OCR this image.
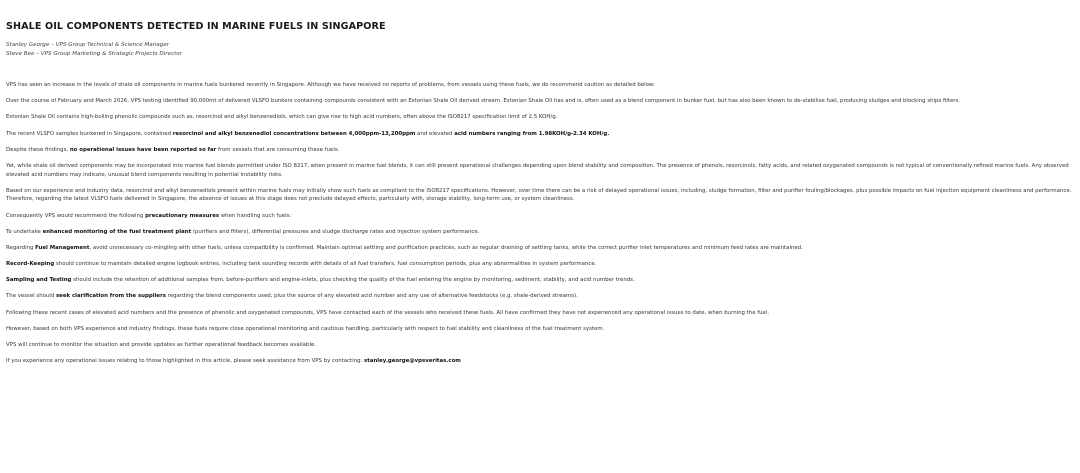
SHALE OIL COMPONENTS DETECTED IN MARINE FUELS IN SINGAPORE

Stanley George – VPS Group Technical & Science Manager

Steve Bee – VPS Group Marketing & Strategic Projects Director

VPS has seen an increase in the levels of shale oil components in marine fuels bunkered recently in Singapore. Although we have received no reports of problems, from vessels using these fuels, we do recommend caution as detailed below:

Over the course of February and March 2026, VPS testing identified 90,000mt of delivered VLSFO bunkers containing compounds consistent with an Estonian Shale Oil derived stream. Estonian Shale Oil has and is, often used as a blend component in bunker fuel, but has also been known to de-stabilise fuel, producing sludges and blocking ships filters.

Estonian Shale Oil contains high-boiling phenolic compounds such as, resorcinol and alkyl benzenediols, which can give rise to high acid numbers, often above the ISO8217 specification limit of 2.5 KOH/g.

The recent VLSFO samples bunkered in Singapore, contained resorcinol and alkyl benzenediol concentrations between 4,000ppm-13,200ppm and elevated acid numbers ranging from 1.98KOH/g-2.34 KOH/g.

Despite these findings, no operational issues have been reported so far from vessels that are consuming these fuels.

Yet, while shale oil derived components may be incorporated into marine fuel blends permitted under ISO 8217, when present in marine fuel blends, it can still present operational challenges depending upon blend stability and composition. The presence of phenols, resorcinols, fatty acids, and related oxygenated compounds is not typical of conventionally refined marine fuels. Any observed elevated acid numbers may indicate, unusual blend components resulting in potential instability risks.

Based on our experience and industry data, resorcinol and alkyl benzenediols present within marine fuels may initially show such fuels as compliant to the ISO8217 specifications. However, over time there can be a risk of delayed operational issues, including, sludge formation, filter and purifier fouling/blockages, plus possible impacts on fuel injection equipment cleanliness and performance. Therefore, regarding the latest VLSFO fuels delivered in Singapore, the absence of issues at this stage does not preclude delayed effects, particularly with, storage stability, long-term use, or system cleanliness.

Consequently VPS would recommend the following precautionary measures when handling such fuels:

To undertake enhanced monitoring of the fuel treatment plant (purifiers and filters), differential pressures and sludge discharge rates and injection system performance.

Regarding Fuel Management, avoid unnecessary co-mingling with other fuels, unless compatibility is confirmed. Maintain optimal settling and purification practices, such as regular draining of settling tanks, while the correct purifier inlet temperatures and minimum feed rates are maintained.

Record-Keeping should continue to maintain detailed engine logbook entries, including tank sounding records with details of all fuel transfers, fuel consumption periods, plus any abnormalities in system performance.

Sampling and Testing should include the retention of additional samples from, before-purifiers and engine-inlets, plus checking the quality of the fuel entering the engine by monitoring, sediment, stability, and acid number trends.

The vessel should seek clarification from the suppliers regarding the blend components used, plus the source of any elevated acid number and any use of alternative feedstocks (e.g. shale-derived streams).

Following these recent cases of elevated acid numbers and the presence of phenolic and oxygenated compounds, VPS have contacted each of the vessels who received these fuels. All have confirmed they have not experienced any operational issues to date, when burning the fuel.

However, based on both VPS experience and industry findings, these fuels require close operational monitoring and cautious handling, particularly with respect to fuel stability and cleanliness of the fuel treatment system.

VPS will continue to monitor the situation and provide updates as further operational feedback becomes available.

If you experience any operational issues relating to those highlighted in this article, please seek assistance from VPS by contacting: stanley.george@vpsveritas.com
